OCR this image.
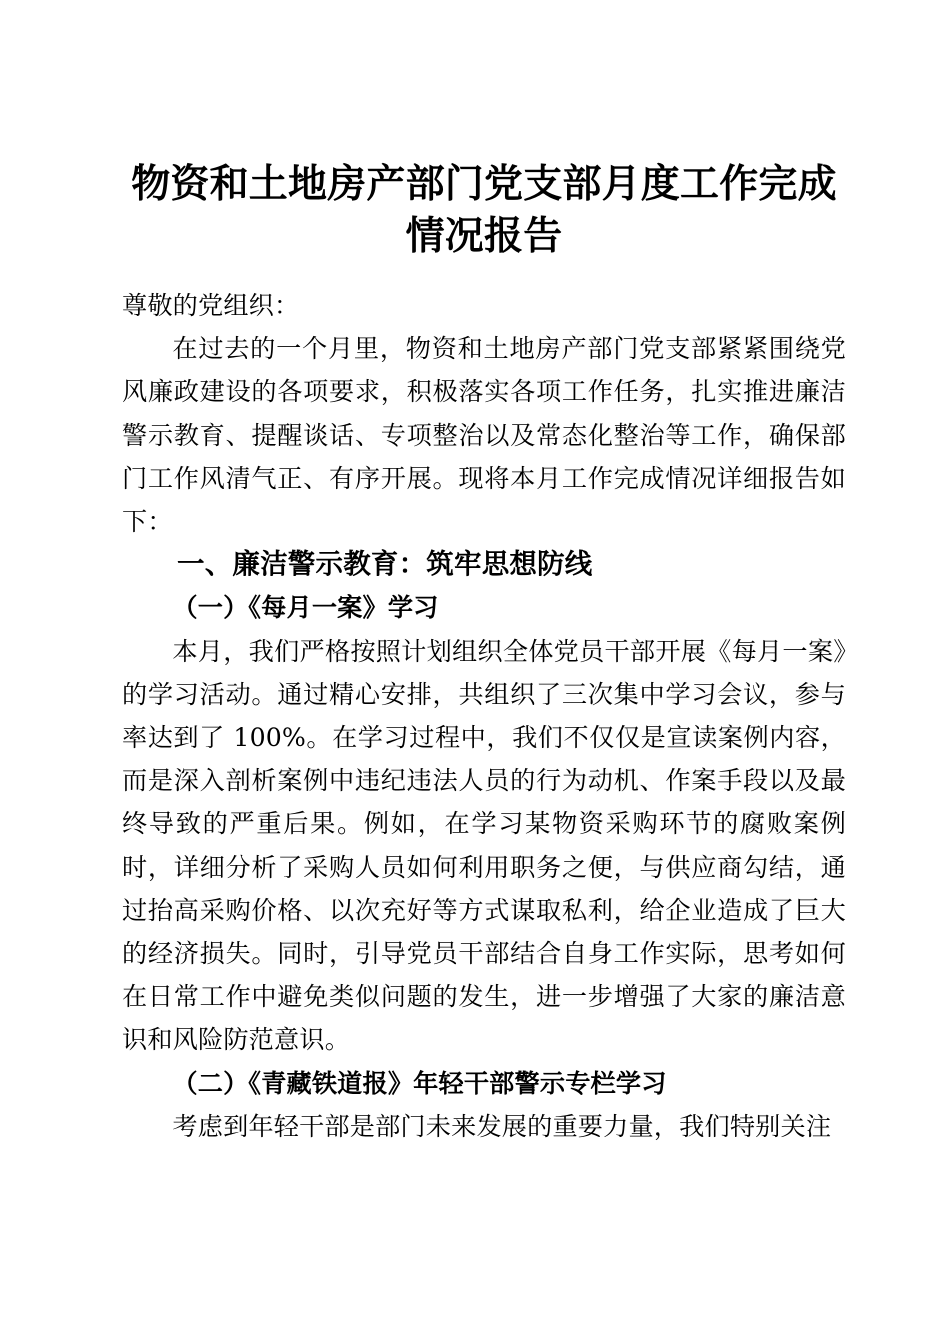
物资和土地房产部门党支部月度工作完成情况报告

尊敬的党组织：

在过去的一个月里，物资和土地房产部门党支部紧紧围绕党风廉政建设的各项要求，积极落实各项工作任务，扎实推进廉洁警示教育、提醒谈话、专项整治以及常态化整治等工作，确保部门工作风清气正、有序开展。现将本月工作完成情况详细报告如下：

一、廉洁警示教育：筑牢思想防线
（一）《每月一案》学习

本月，我们严格按照计划组织全体党员干部开展《每月一案》的学习活动。通过精心安排，共组织了三次集中学习会议，参与率达到了 100%。在学习过程中，我们不仅仅是宣读案例内容，而是深入剖析案例中违纪违法人员的行为动机、作案手段以及最终导致的严重后果。例如，在学习某物资采购环节的腐败案例时，详细分析了采购人员如何利用职务之便，与供应商勾结，通过抬高采购价格、以次充好等方式谋取私利，给企业造成了巨大的经济损失。同时，引导党员干部结合自身工作实际，思考如何在日常工作中避免类似问题的发生，进一步增强了大家的廉洁意识和风险防范意识。

（二）《青藏铁道报》年轻干部警示专栏学习

考虑到年轻干部是部门未来发展的重要力量，我们特别关注
